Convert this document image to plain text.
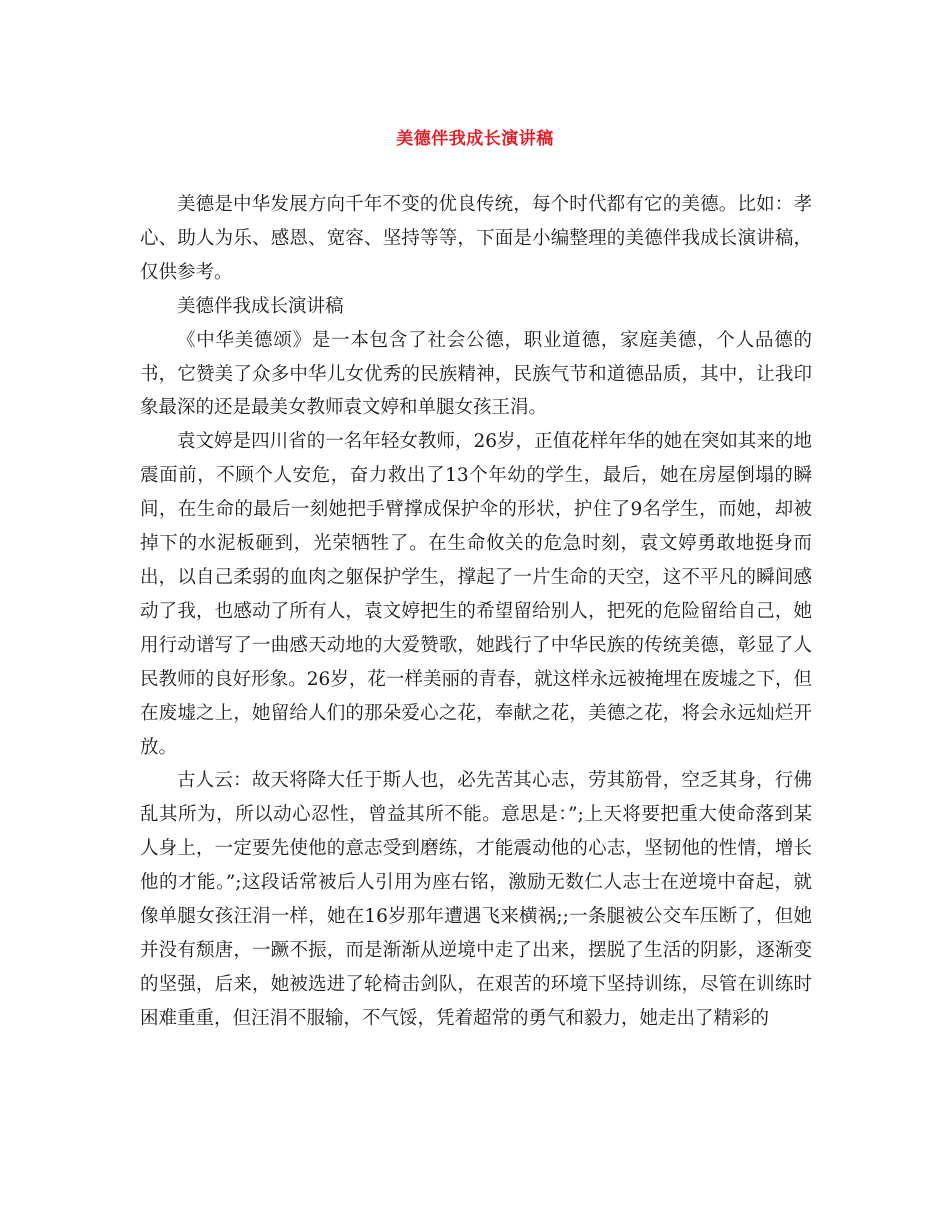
美德伴我成长演讲稿

美德是中华发展方向千年不变的优良传统，每个时代都有它的美德。比如：孝心、助人为乐、感恩、宽容、坚持等等，下面是小编整理的美德伴我成长演讲稿，仅供参考。

美德伴我成长演讲稿

《中华美德颂》是一本包含了社会公德，职业道德，家庭美德，个人品德的书，它赞美了众多中华儿女优秀的民族精神，民族气节和道德品质，其中，让我印象最深的还是最美女教师袁文婷和单腿女孩王涓。

袁文婷是四川省的一名年轻女教师，26岁，正值花样年华的她在突如其来的地震面前，不顾个人安危，奋力救出了13个年幼的学生，最后，她在房屋倒塌的瞬间，在生命的最后一刻她把手臂撑成保护伞的形状，护住了9名学生，而她，却被掉下的水泥板砸到，光荣牺牲了。在生命攸关的危急时刻，袁文婷勇敢地挺身而出，以自己柔弱的血肉之躯保护学生，撑起了一片生命的天空，这不平凡的瞬间感动了我，也感动了所有人，袁文婷把生的希望留给别人，把死的危险留给自己，她用行动谱写了一曲感天动地的大爱赞歌，她践行了中华民族的传统美德，彰显了人民教师的良好形象。26岁，花一样美丽的青春，就这样永远被掩埋在废墟之下，但在废墟之上，她留给人们的那朵爱心之花，奉献之花，美德之花，将会永远灿烂开放。

古人云：故天将降大任于斯人也，必先苦其心志，劳其筋骨，空乏其身，行佛乱其所为，所以动心忍性，曾益其所不能。意思是：”;上天将要把重大使命落到某人身上，一定要先使他的意志受到磨练，才能震动他的心志，坚韧他的性情，增长他的才能。”;这段话常被后人引用为座右铭，激励无数仁人志士在逆境中奋起，就像单腿女孩汪涓一样，她在16岁那年遭遇飞来横祸;;一条腿被公交车压断了，但她并没有颓唐，一蹶不振，而是渐渐从逆境中走了出来，摆脱了生活的阴影，逐渐变的坚强，后来，她被选进了轮椅击剑队，在艰苦的环境下坚持训练，尽管在训练时困难重重，但汪涓不服输，不气馁，凭着超常的勇气和毅力，她走出了精彩的
